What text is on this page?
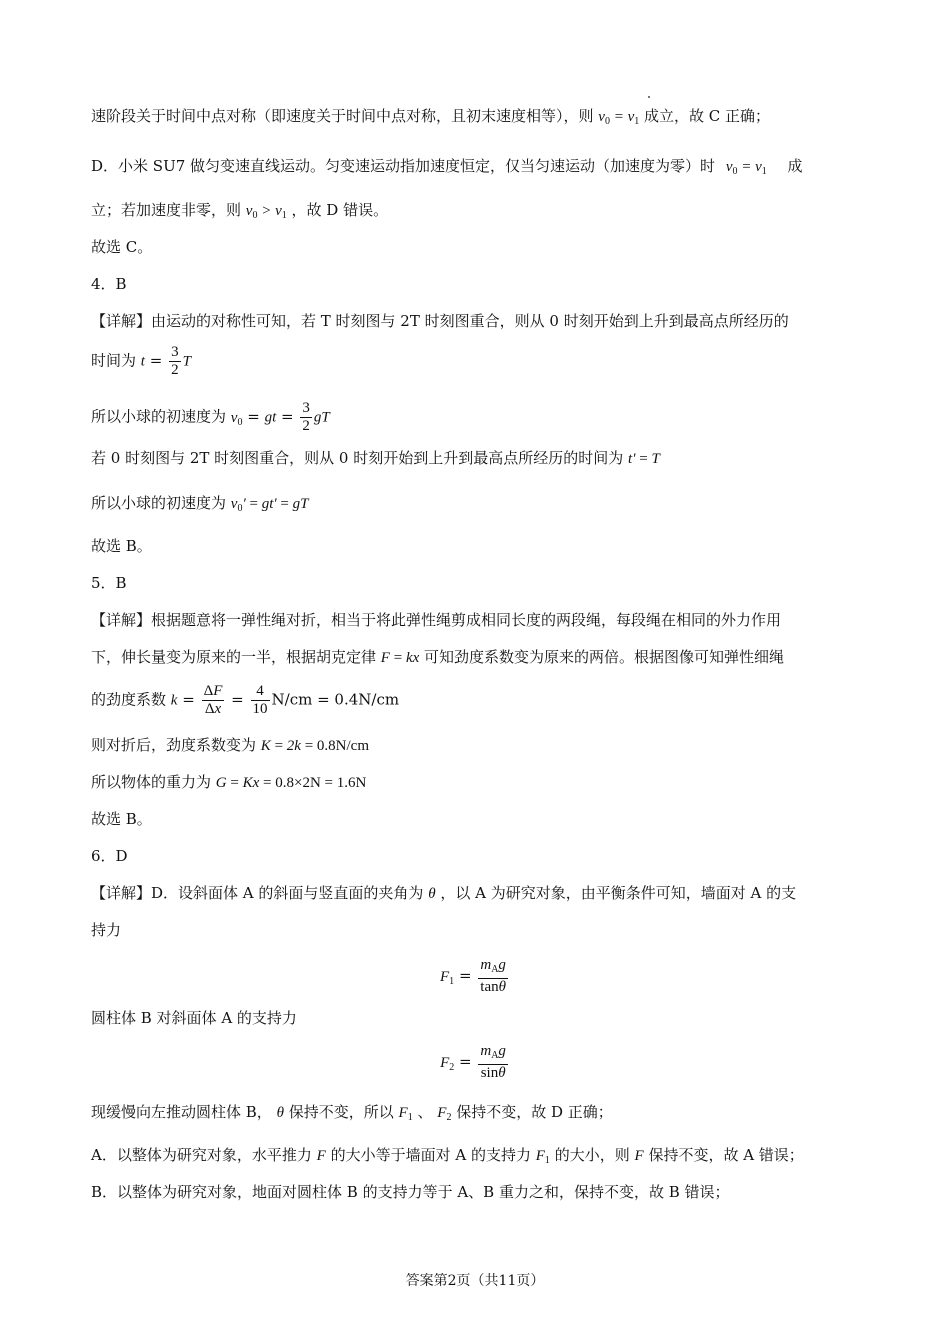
速阶段关于时间中点对称（即速度关于时间中点对称，且初末速度相等），则 $v_0 = v_1$ 成立，故 C 正确；
D．小米 SU7 做匀变速直线运动。匀变速运动指加速度恒定，仅当匀速运动（加速度为零）时 $v_0 = v_1$ 成
立；若加速度非零，则 $v_0 > v_1$ ，故 D 错误。
故选 C。
4．B
【详解】由运动的对称性可知，若 T 时刻图与 2T 时刻图重合，则从 0 时刻开始到上升到最高点所经历的
时间为 $t = \frac{3}{2}$ T
所以小球的初速度为 $v_0$ = gt = $\frac{3}{2}$ gT
若 0 时刻图与 2T 时刻图重合，则从 0 时刻开始到上升到最高点所经历的时间为 t′ = T
所以小球的初速度为 $v_0' = gt'$ = gT
故选 B。
5．B
【详解】根据题意将一弹性绳对折，相当于将此弹性绳剪成相同长度的两段绳，每段绳在相同的外力作用
下，伸长量变为原来的一半，根据胡克定律 F = kx 可知劲度系数变为原来的两倍。根据图像可知弹性细绳
的劲度系数 $k = \frac{\Delta F}{\Delta x} = \frac{4}{10} N/cm = 0.4N/cm$
则对折后，劲度系数变为 K = 2k = 0.8N/cm
所以物体的重力为 G = Kx = 0.8×2N = 1.6N
故选 B。
6．D
【详解】D．设斜面体 A 的斜面与竖直面的夹角为 θ ，以 A 为研究对象，由平衡条件可知，墙面对 A 的支
持力
$F_1 = \frac{m_Ag}{\tan\theta}$
圆柱体 B 对斜面体 A 的支持力
$F_2 = \frac{m_Ag}{\sin\theta}$
现缓慢向左推动圆柱体 B， θ 保持不变，所以 $F_1$ 、 $F_2$ 保持不变，故 D 正确；
A．以整体为研究对象，水平推力 F 的大小等于墙面对 A 的支持力 $F_1$ 的大小，则 F 保持不变，故 A 错误；
B．以整体为研究对象，地面对圆柱体 B 的支持力等于 A、B 重力之和，保持不变，故 B 错误；
答案第2页（共11页）
